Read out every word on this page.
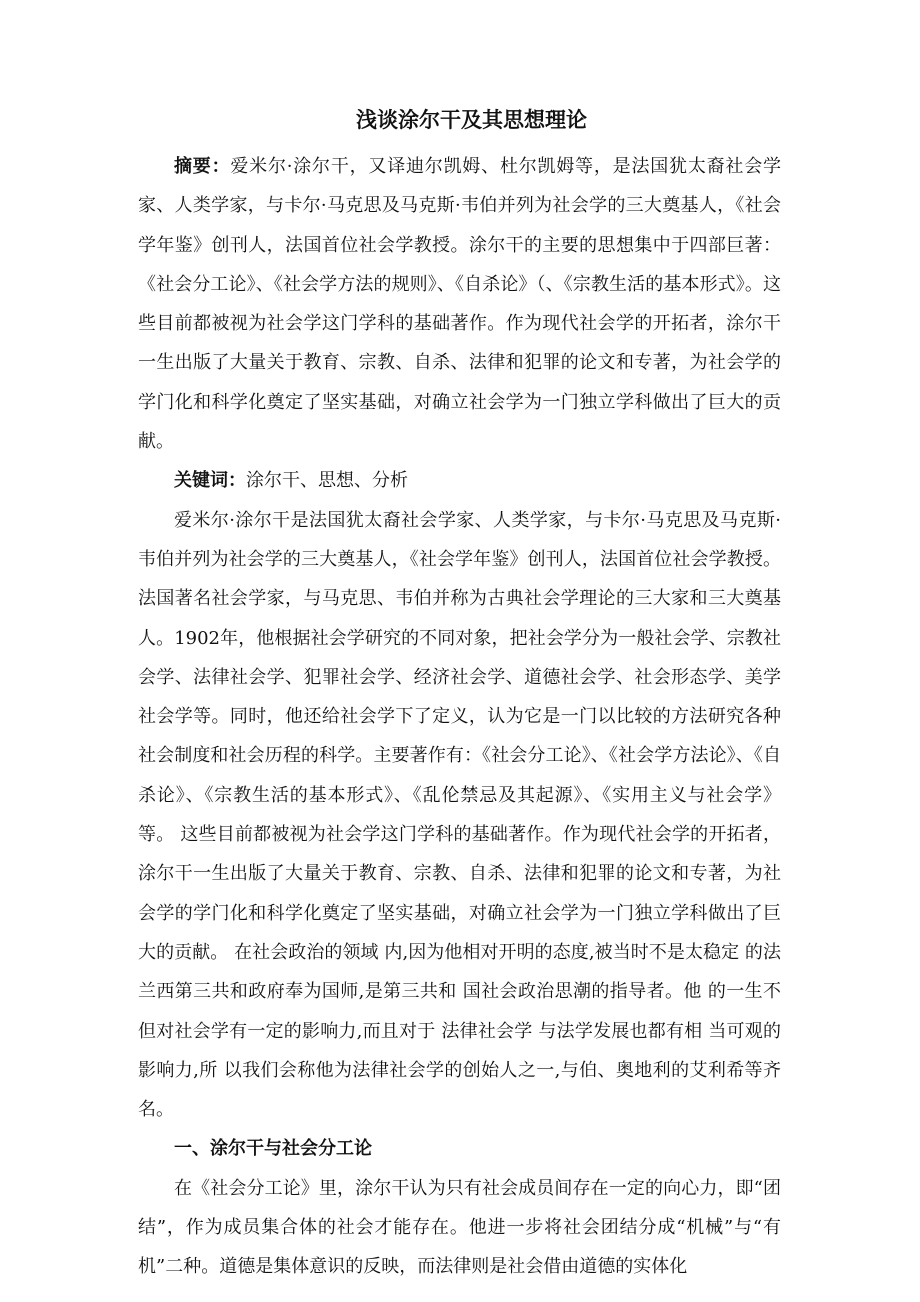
浅谈涂尔干及其思想理论

摘要：爱米尔·涂尔干，又译迪尔凯姆、杜尔凯姆等，是法国犹太裔社会学家、人类学家，与卡尔·马克思及马克斯·韦伯并列为社会学的三大奠基人，《社会学年鉴》创刊人，法国首位社会学教授。涂尔干的主要的思想集中于四部巨著：《社会分工论》、《社会学方法的规则》、《自杀论》（、《宗教生活的基本形式》。这些目前都被视为社会学这门学科的基础著作。作为现代社会学的开拓者，涂尔干一生出版了大量关于教育、宗教、自杀、法律和犯罪的论文和专著，为社会学的学门化和科学化奠定了坚实基础，对确立社会学为一门独立学科做出了巨大的贡献。

关键词：涂尔干、思想、分析

爱米尔·涂尔干是法国犹太裔社会学家、人类学家，与卡尔·马克思及马克斯·韦伯并列为社会学的三大奠基人，《社会学年鉴》创刊人，法国首位社会学教授。 法国著名社会学家，与马克思、韦伯并称为古典社会学理论的三大家和三大奠基人。1902年，他根据社会学研究的不同对象，把社会学分为一般社会学、宗教社会学、法律社会学、犯罪社会学、经济社会学、道德社会学、社会形态学、美学社会学等。同时，他还给社会学下了定义，认为它是一门以比较的方法研究各种社会制度和社会历程的科学。主要著作有：《社会分工论》、《社会学方法论》、《自杀论》、《宗教生活的基本形式》、《乱伦禁忌及其起源》、《实用主义与社会学》等。 这些目前都被视为社会学这门学科的基础著作。作为现代社会学的开拓者，涂尔干一生出版了大量关于教育、宗教、自杀、法律和犯罪的论文和专著，为社会学的学门化和科学化奠定了坚实基础，对确立社会学为一门独立学科做出了巨大的贡献。 在社会政治的领域 内,因为他相对开明的态度,被当时不是太稳定 的法兰西第三共和政府奉为国师,是第三共和 国社会政治思潮的指导者。他 的一生不但对社会学有一定的影响力,而且对于 法律社会学 与法学发展也都有相 当可观的影响力,所 以我们会称他为法律社会学的创始人之一,与伯、奥地利的艾利希等齐名。

一、涂尔干与社会分工论

在《社会分工论》里，涂尔干认为只有社会成员间存在一定的向心力，即“团结”，作为成员集合体的社会才能存在。他进一步将社会团结分成“机械”与“有机”二种。道德是集体意识的反映，而法律则是社会借由道德的实体化
